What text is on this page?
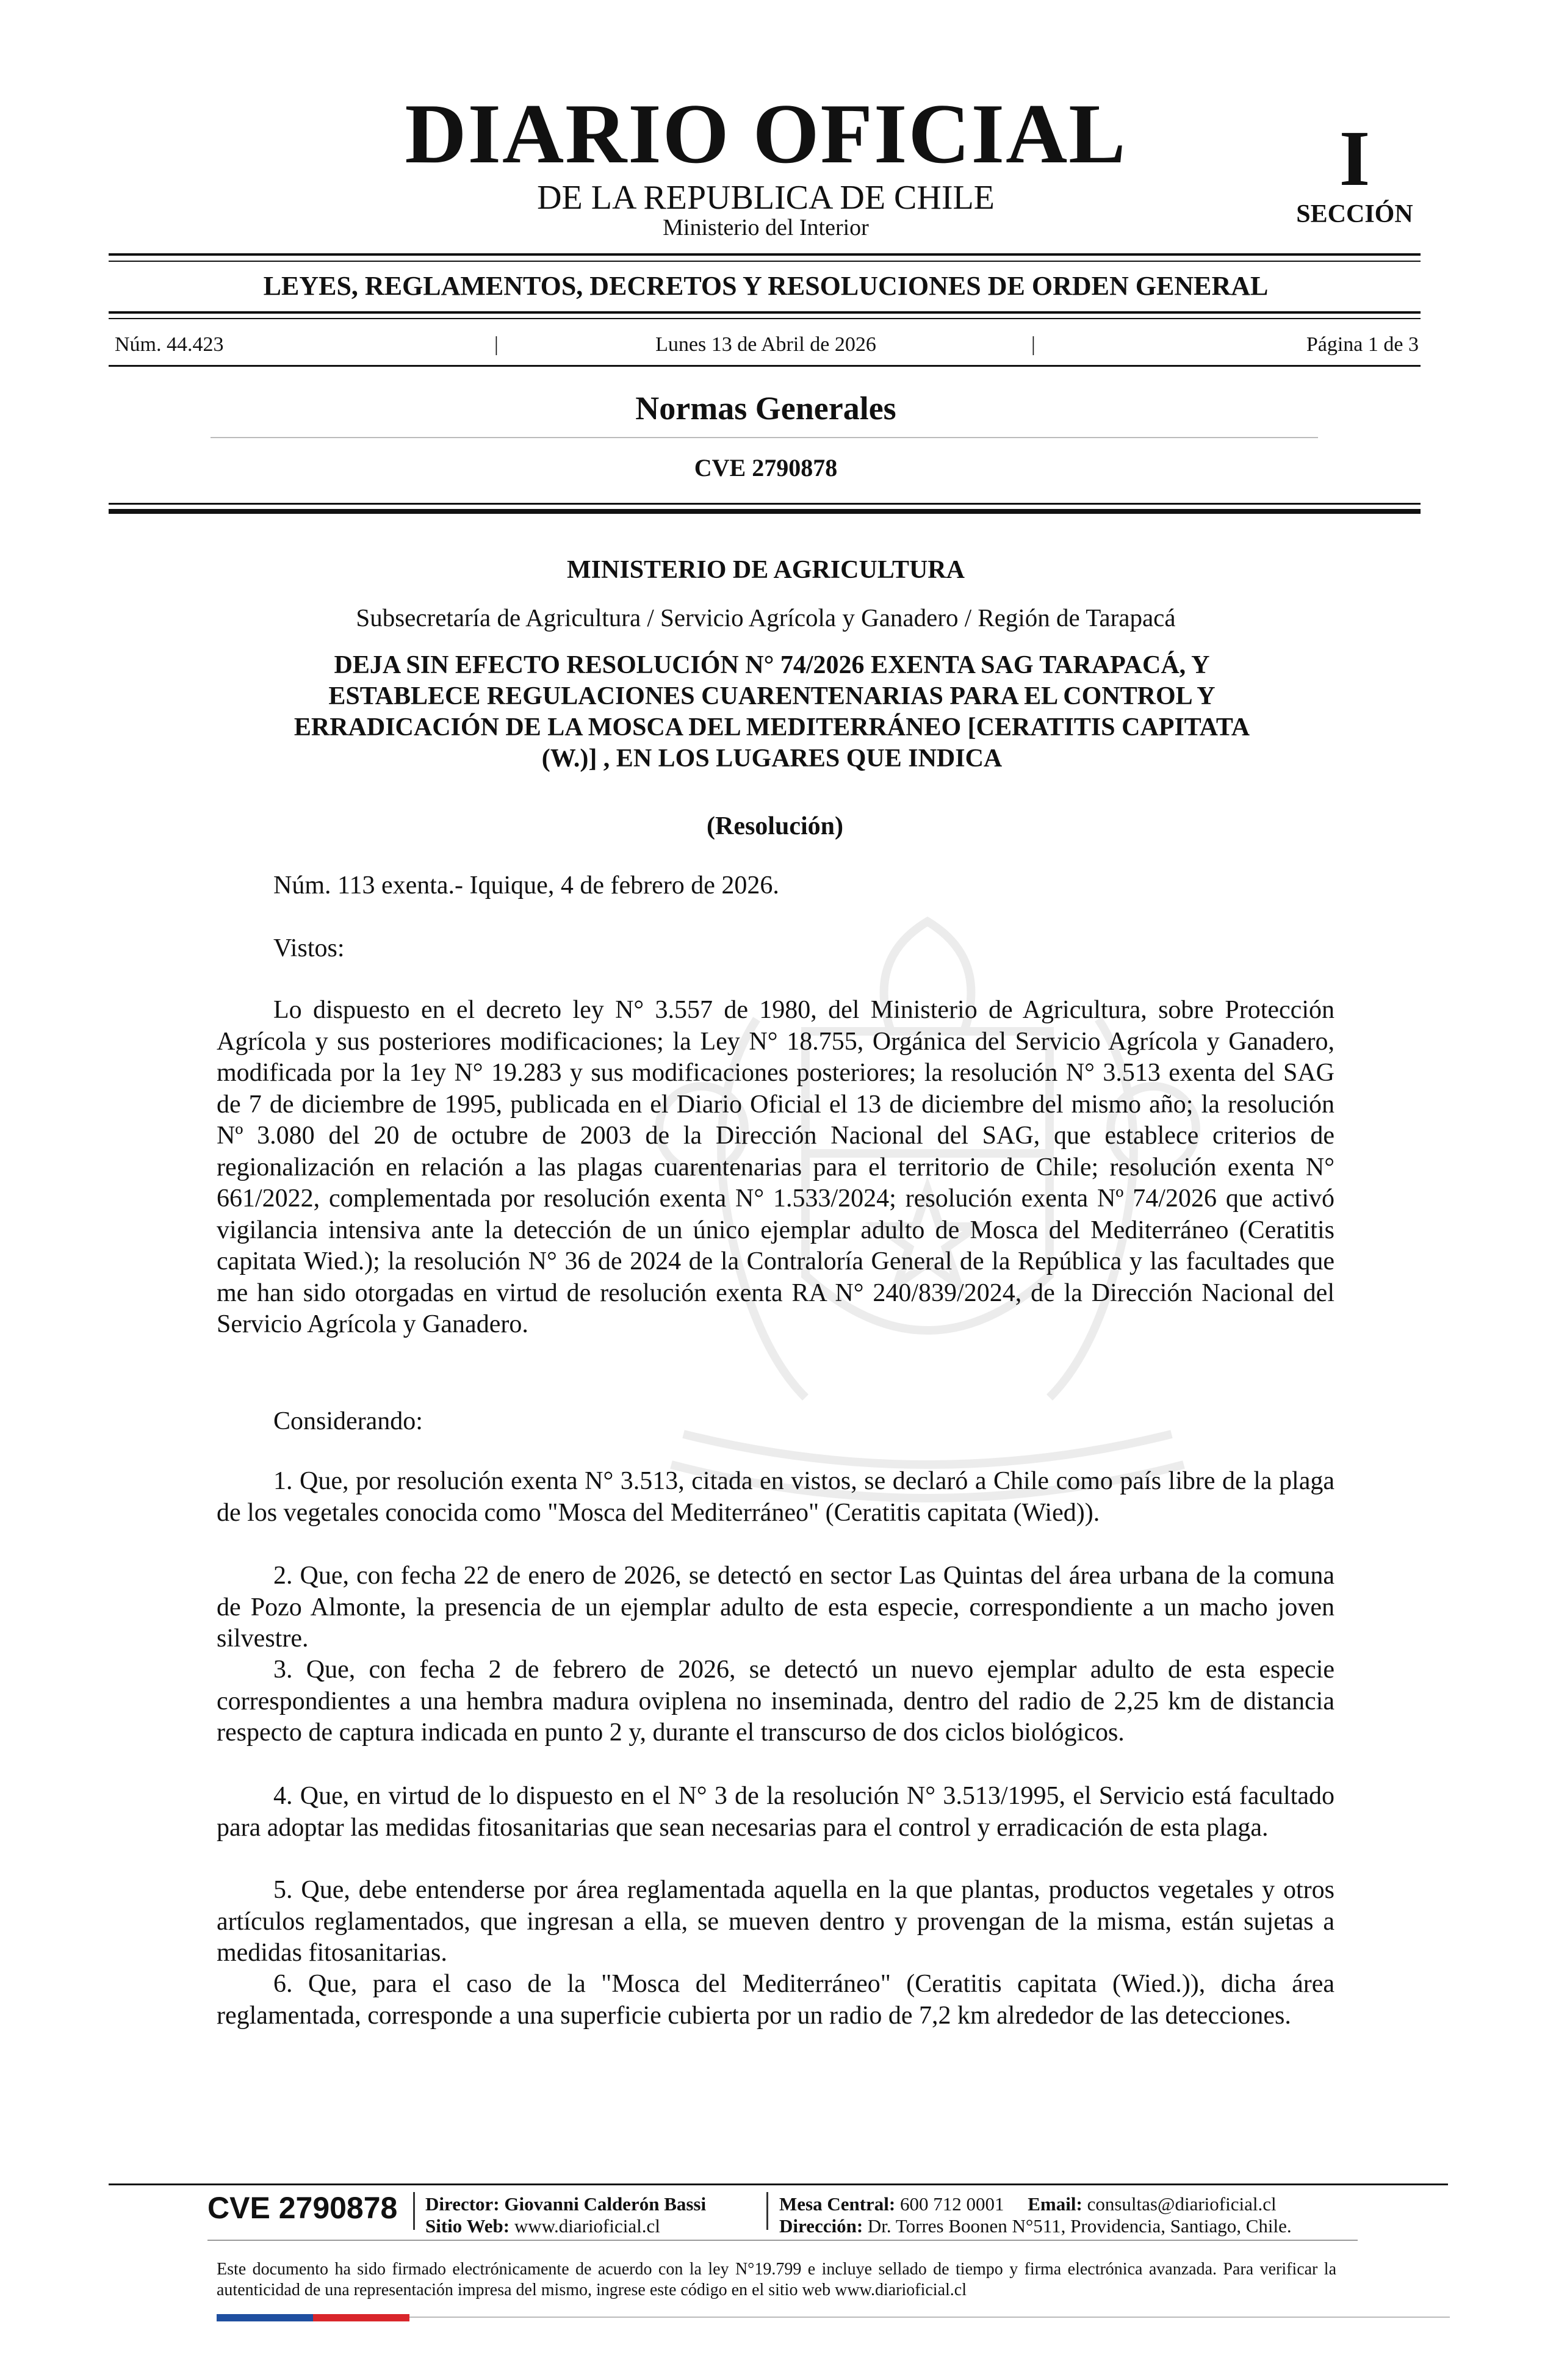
DIARIO OFICIAL
DE LA REPUBLICA DE CHILE
Ministerio del Interior
I
SECCIÓN
LEYES, REGLAMENTOS, DECRETOS Y RESOLUCIONES DE ORDEN GENERAL
Núm. 44.423	|	Lunes 13 de Abril de 2026	|	Página 1 de 3
Normas Generales
CVE 2790878
MINISTERIO DE AGRICULTURA
Subsecretaría de Agricultura / Servicio Agrícola y Ganadero / Región de Tarapacá
DEJA SIN EFECTO RESOLUCIÓN N° 74/2026 EXENTA SAG TARAPACÁ, Y
ESTABLECE REGULACIONES CUARENTENARIAS PARA EL CONTROL Y
ERRADICACIÓN DE LA MOSCA DEL MEDITERRÁNEO [CERATITIS CAPITATA
(W.)] , EN LOS LUGARES QUE INDICA
(Resolución)
Núm. 113 exenta.- Iquique, 4 de febrero de 2026.
Vistos:
Lo dispuesto en el decreto ley N° 3.557 de 1980, del Ministerio de Agricultura, sobre Protección Agrícola y sus posteriores modificaciones; la Ley N° 18.755, Orgánica del Servicio Agrícola y Ganadero, modificada por la 1ey N° 19.283 y sus modificaciones posteriores; la resolución N° 3.513 exenta del SAG de 7 de diciembre de 1995, publicada en el Diario Oficial el 13 de diciembre del mismo año; la resolución Nº 3.080 del 20 de octubre de 2003 de la Dirección Nacional del SAG, que establece criterios de regionalización en relación a las plagas cuarentenarias para el territorio de Chile; resolución exenta N° 661/2022, complementada por resolución exenta N° 1.533/2024; resolución exenta Nº 74/2026 que activó vigilancia intensiva ante la detección de un único ejemplar adulto de Mosca del Mediterráneo (Ceratitis capitata Wied.); la resolución N° 36 de 2024 de la Contraloría General de la República y las facultades que me han sido otorgadas en virtud de resolución exenta RA N° 240/839/2024, de la Dirección Nacional del Servicio Agrícola y Ganadero.
Considerando:
1. Que, por resolución exenta N° 3.513, citada en vistos, se declaró a Chile como país libre de la plaga de los vegetales conocida como "Mosca del Mediterráneo" (Ceratitis capitata (Wied)).
2. Que, con fecha 22 de enero de 2026, se detectó en sector Las Quintas del área urbana de la comuna de Pozo Almonte, la presencia de un ejemplar adulto de esta especie, correspondiente a un macho joven silvestre.
3. Que, con fecha 2 de febrero de 2026, se detectó un nuevo ejemplar adulto de esta especie correspondientes a una hembra madura oviplena no inseminada, dentro del radio de 2,25 km de distancia respecto de captura indicada en punto 2 y, durante el transcurso de dos ciclos biológicos.
4. Que, en virtud de lo dispuesto en el N° 3 de la resolución N° 3.513/1995, el Servicio está facultado para adoptar las medidas fitosanitarias que sean necesarias para el control y erradicación de esta plaga.
5. Que, debe entenderse por área reglamentada aquella en la que plantas, productos vegetales y otros artículos reglamentados, que ingresan a ella, se mueven dentro y provengan de la misma, están sujetas a medidas fitosanitarias.
6. Que, para el caso de la "Mosca del Mediterráneo" (Ceratitis capitata (Wied.)), dicha área reglamentada, corresponde a una superficie cubierta por un radio de 7,2 km alrededor de las detecciones.
CVE 2790878 Director: Giovanni Calderón Bassi
Sitio Web: www.diarioficial.cl
Mesa Central: 600 712 0001 Email: consultas@diarioficial.cl
Dirección: Dr. Torres Boonen N°511, Providencia, Santiago, Chile.
Este documento ha sido firmado electrónicamente de acuerdo con la ley N°19.799 e incluye sellado de tiempo y firma electrónica avanzada. Para verificar la autenticidad de una representación impresa del mismo, ingrese este código en el sitio web www.diarioficial.cl
